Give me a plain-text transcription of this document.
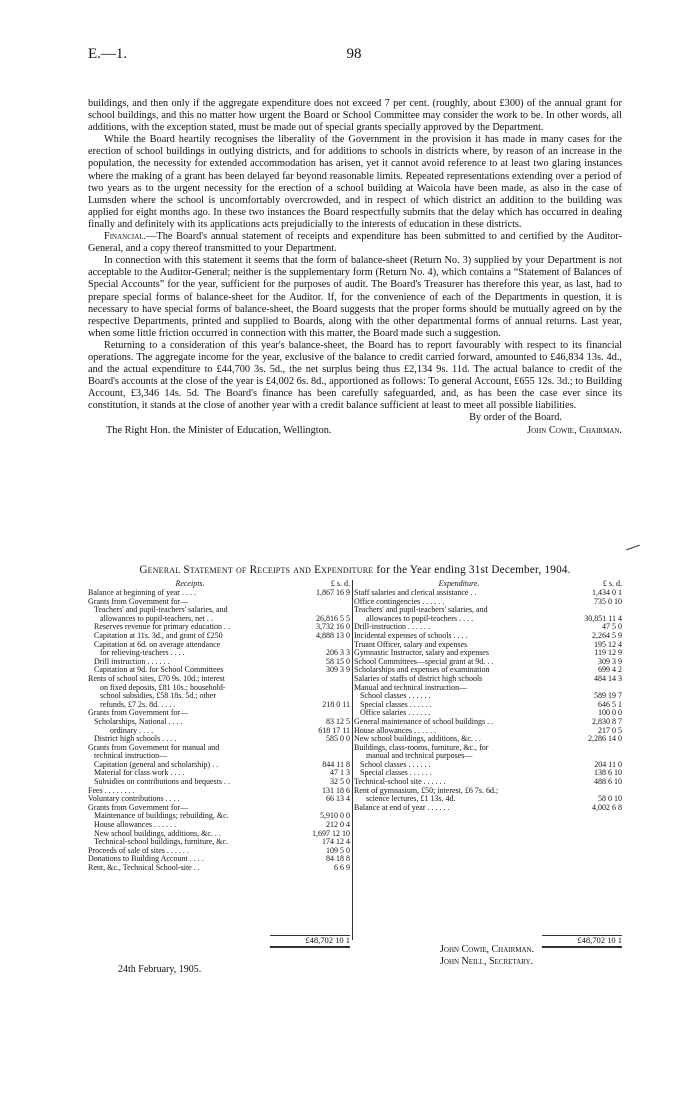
E.—1.	98

buildings, and then only if the aggregate expenditure does not exceed 7 per cent. (roughly, about £300) of the annual grant for school buildings, and this no matter how urgent the Board or School Committee may consider the work to be. In other words, all additions, with the exception stated, must be made out of special grants specially approved by the Department.

While the Board heartily recognises the liberality of the Government in the provision it has made in many cases for the erection of school buildings in outlying districts, and for additions to schools in districts where, by reason of an increase in the population, the necessity for extended accommodation has arisen, yet it cannot avoid reference to at least two glaring instances where the making of a grant has been delayed far beyond reasonable limits. Repeated representations extending over a period of two years as to the urgent necessity for the erection of a school building at Waicola have been made, as also in the case of Lumsden where the school is uncomfortably overcrowded, and in respect of which district an addition to the building was applied for eight months ago. In these two instances the Board respectfully submits that the delay which has occurred in dealing finally and definitely with its applications acts prejudicially to the interests of education in these districts.

Financial.—The Board's annual statement of receipts and expenditure has been submitted to and certified by the Auditor-General, and a copy thereof transmitted to your Department.

In connection with this statement it seems that the form of balance-sheet (Return No. 3) supplied by your Department is not acceptable to the Auditor-General; neither is the supplementary form (Return No. 4), which contains a “Statement of Balances of Special Accounts” for the year, sufficient for the purposes of audit. The Board's Treasurer has therefore this year, as last, had to prepare special forms of balance-sheet for the Auditor. If, for the convenience of each of the Departments in question, it is necessary to have special forms of balance-sheet, the Board suggests that the proper forms should be mutually agreed on by the respective Departments, printed and supplied to Boards, along with the other departmental forms of annual returns. Last year, when some little friction occurred in connection with this matter, the Board made such a suggestion.

Returning to a consideration of this year's balance-sheet, the Board has to report favourably with respect to its financial operations. The aggregate income for the year, exclusive of the balance to credit carried forward, amounted to £46,834 13s. 4d., and the actual expenditure to £44,700 3s. 5d., the net surplus being thus £2,134 9s. 11d. The actual balance to credit of the Board's accounts at the close of the year is £4,002 6s. 8d., apportioned as follows: To general Account, £655 12s. 3d.; to Building Account, £3,346 14s. 5d. The Board's finance has been carefully safeguarded, and, as has been the case ever since its constitution, it stands at the close of another year with a credit balance sufficient at least to meet all possible liabilities.

By order of the Board.
The Right Hon. the Minister of Education, Wellington.	John Cowie, Chairman.
General Statement of Receipts and Expenditure for the Year ending 31st December, 1904.
Receipts.	£ s. d.
Balance at beginning of year . . . .	1,867 16 9
Grants from Government for—
Teachers' and pupil-teachers' salaries, and
allowances to pupil-teachers, net . .	26,816 5 5
Reserves revenue for primary education . .	3,732 16 0
Capitation at 11s. 3d., and grant of £250	4,888 13 0
Capitation at 6d. on average attendance
for relieving-teachers . . . .	206 3 3
Drill instruction . . . . . .	58 15 0
Capitation at 9d. for School Committees	309 3 9
Rents of school sites, £70 9s. 10d.; interest
on fixed deposits, £81 10s.; household-
school subsidies, £58 18s. 5d.; other
refunds, £7 2s. 8d. . . . .	218 0 11
Grants from Government for—
Scholarships, National . . . .	83 12 5
ordinary . . . .	618 17 11
District high schools . . . .	585 0 0
Grants from Government for manual and
technical instruction—
Capitation (general and scholarship) . .	844 11 8
Material for class work . . . .	47 1 3
Subsidies on contributions and bequests . .	32 5 0
Fees . . . . . . . .	131 18 6
Voluntary contributions . . . .	66 13 4
Grants from Government for—
Maintenance of buildings; rebuilding, &c.	5,910 0 0
House allowances . . . . . .	212 0 4
New school buildings, additions, &c. . .	1,697 12 10
Technical-school buildings, furniture, &c.	174 12 4
Proceeds of sale of sites . . . . . .	109 5 0
Donations to Building Account . . . .	84 18 8
Rent, &c., Technical School-site . .	6 6 9
Expenditure.	£ s. d.
Staff salaries and clerical assistance . .	1,434 0 1
Office contingencies . . . . . .	735 0 10
Teachers' and pupil-teachers' salaries, and
allowances to pupil-teachers . . . .	30,851 11 4
Drill-instruction . . . . . .	47 5 0
Incidental expenses of schools . . . .	2,264 5 9
Truant Officer, salary and expenses	195 12 4
Gymnastic Instructor, salary and expenses	119 12 9
School Committees—special grant at 9d. . .	309 3 9
Scholarships and expenses of examination	699 4 2
Salaries of staffs of district high schools	484 14 3
Manual and technical instruction—
School classes . . . . . .	589 19 7
Special classes . . . . . .	646 5 1
Office salaries . . . . . .	100 0 0
General maintenance of school buildings . .	2,830 8 7
House allowances . . . . . .	217 0 5
New school buildings, additions, &c. . .	2,286 14 0
Buildings, class-rooms, furniture, &c., for
manual and technical purposes—
School classes . . . . . .	204 11 0
Special classes . . . . . .	138 6 10
Technical-school site . . . . . .	488 6 10
Rent of gymnasium, £50; interest, £6 7s. 6d.;
science lectures, £1 13s. 4d.	58 0 10
Balance at end of year . . . . . .	4,002 6 8
£48,702 10 1	£48,702 10 1
24th February, 1905.
John Cowie, Chairman.
John Neill, Secretary.
